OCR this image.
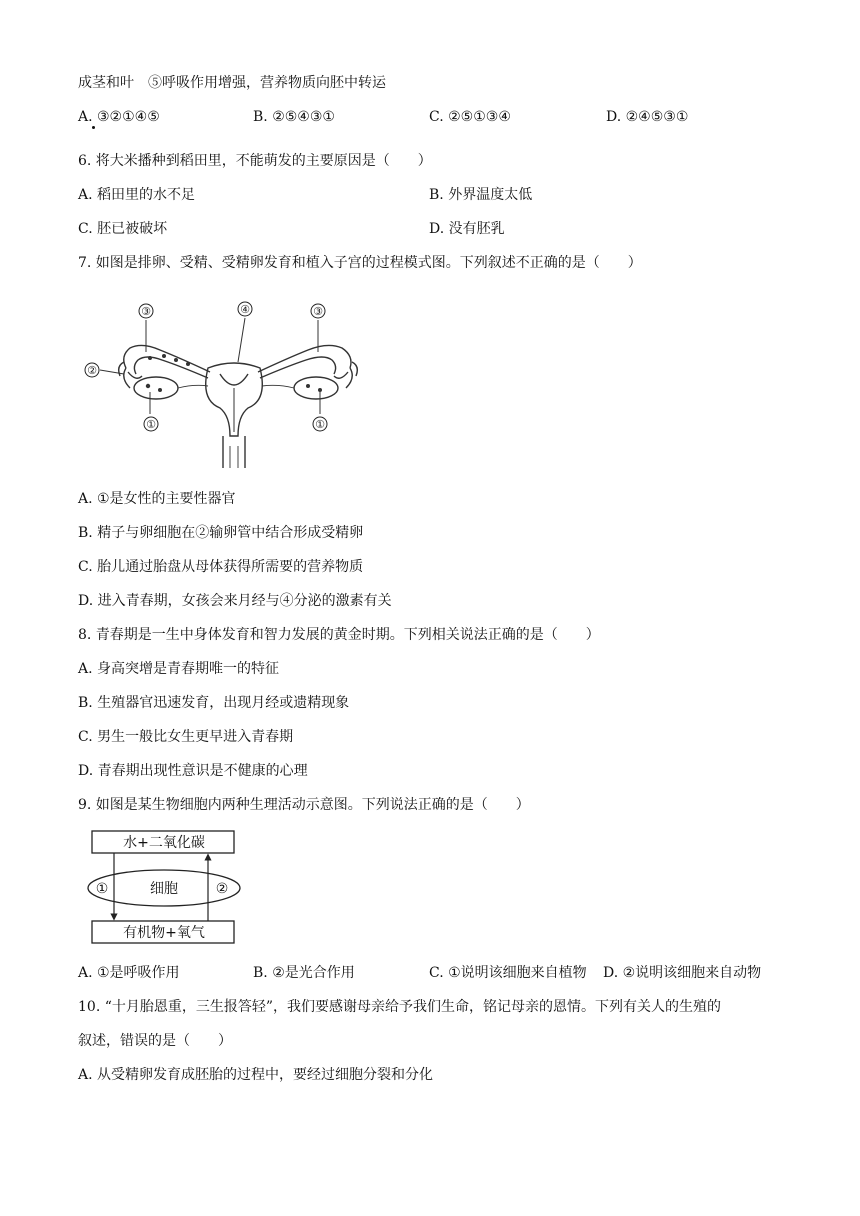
成茎和叶　⑤呼吸作用增强，营养物质向胚中转运
A. ③②①④⑤	B. ②⑤④③①	C. ②⑤①③④	D. ②④⑤③①
6. 将大米播种到稻田里，不能萌发的主要原因是（　　）
A. 稻田里的水不足	B. 外界温度太低
C. 胚已被破坏	D. 没有胚乳
7. 如图是排卵、受精、受精卵发育和植入子宫的过程模式图。下列叙述不正确的是（　　）
③	④	③
②
①	①
A. ①是女性的主要性器官
B. 精子与卵细胞在②输卵管中结合形成受精卵
C. 胎儿通过胎盘从母体获得所需要的营养物质
D. 进入青春期，女孩会来月经与④分泌的激素有关
8. 青春期是一生中身体发育和智力发展的黄金时期。下列相关说法正确的是（　　）
A. 身高突增是青春期唯一的特征
B. 生殖器官迅速发育，出现月经或遗精现象
C. 男生一般比女生更早进入青春期
D. 青春期出现性意识是不健康的心理
9. 如图是某生物细胞内两种生理活动示意图。下列说法正确的是（　　）
水+二氧化碳
细胞
有机物+氧气
①	②
A. ①是呼吸作用	B. ②是光合作用	C. ①说明该细胞来自植物 D. ②说明该细胞来自动物
10. “十月胎恩重，三生报答轻”，我们要感谢母亲给予我们生命，铭记母亲的恩情。下列有关人的生殖的
叙述，错误的是（　　）
A. 从受精卵发育成胚胎的过程中，要经过细胞分裂和分化
